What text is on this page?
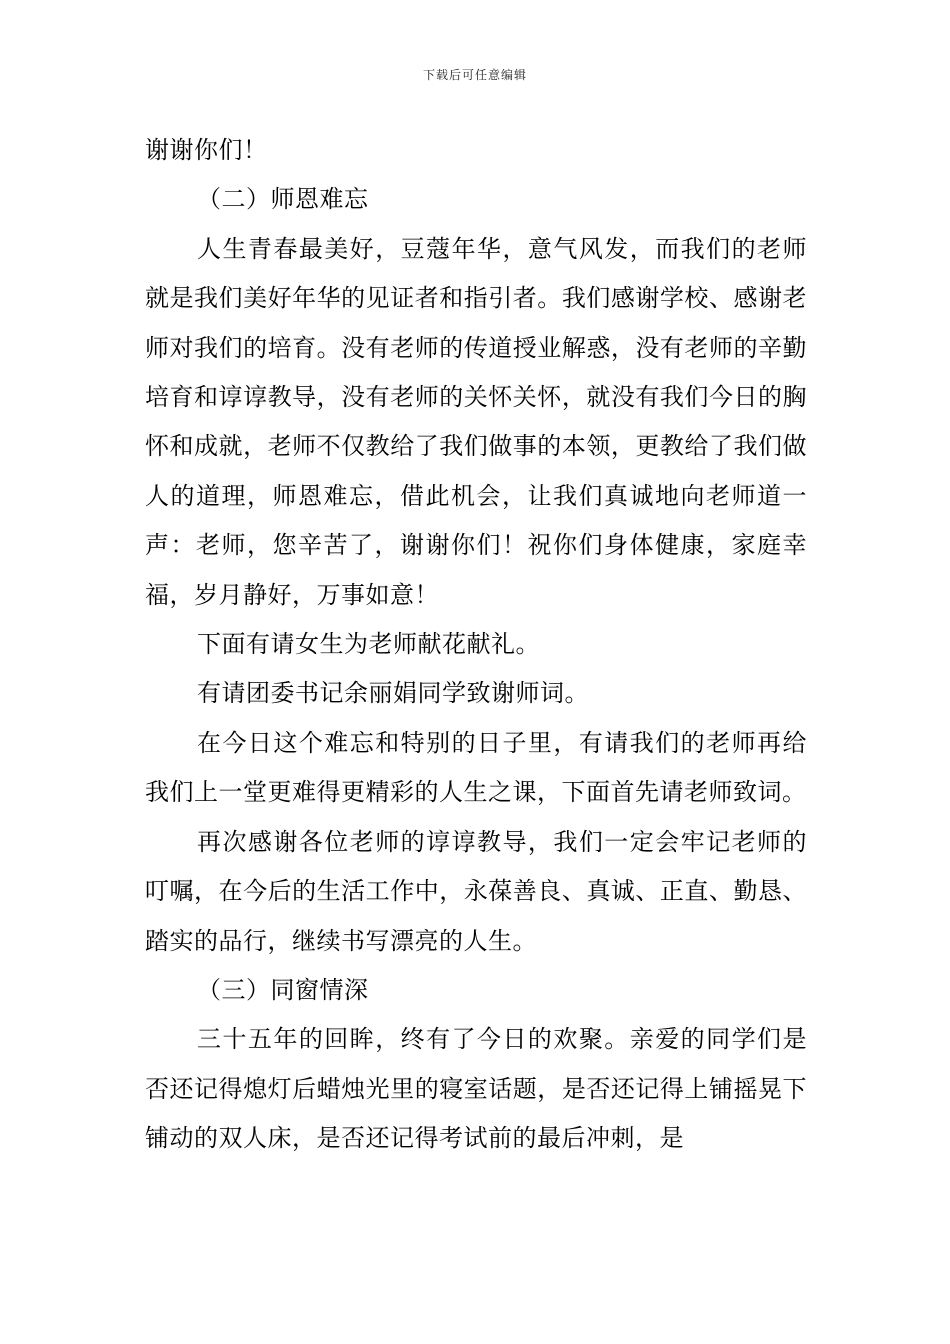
下载后可任意编辑

谢谢你们！

（二）师恩难忘

人生青春最美好，豆蔻年华，意气风发，而我们的老师就是我们美好年华的见证者和指引者。我们感谢学校、感谢老师对我们的培育。没有老师的传道授业解惑，没有老师的辛勤培育和谆谆教导，没有老师的关怀关怀，就没有我们今日的胸怀和成就，老师不仅教给了我们做事的本领，更教给了我们做人的道理，师恩难忘，借此机会，让我们真诚地向老师道一声：老师，您辛苦了，谢谢你们！祝你们身体健康，家庭幸福，岁月静好，万事如意！

下面有请女生为老师献花献礼。

有请团委书记余丽娟同学致谢师词。

在今日这个难忘和特别的日子里，有请我们的老师再给我们上一堂更难得更精彩的人生之课，下面首先请老师致词。

再次感谢各位老师的谆谆教导，我们一定会牢记老师的叮嘱，在今后的生活工作中，永葆善良、真诚、正直、勤恳、踏实的品行，继续书写漂亮的人生。

（三）同窗情深

三十五年的回眸，终有了今日的欢聚。亲爱的同学们是否还记得熄灯后蜡烛光里的寝室话题，是否还记得上铺摇晃下铺动的双人床，是否还记得考试前的最后冲刺，是
